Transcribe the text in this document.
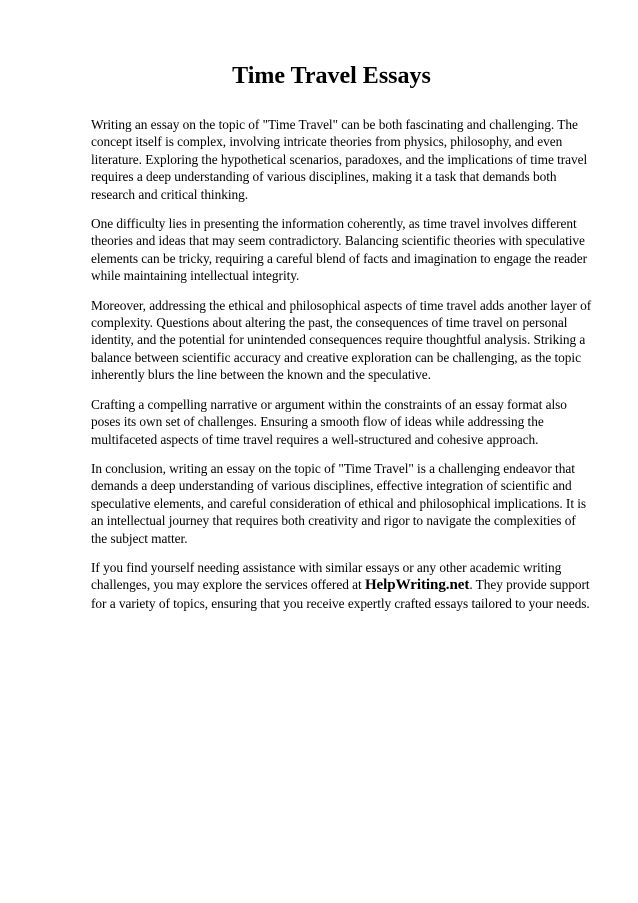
Time Travel Essays

Writing an essay on the topic of "Time Travel" can be both fascinating and challenging. The concept itself is complex, involving intricate theories from physics, philosophy, and even literature. Exploring the hypothetical scenarios, paradoxes, and the implications of time travel requires a deep understanding of various disciplines, making it a task that demands both research and critical thinking.

One difficulty lies in presenting the information coherently, as time travel involves different theories and ideas that may seem contradictory. Balancing scientific theories with speculative elements can be tricky, requiring a careful blend of facts and imagination to engage the reader while maintaining intellectual integrity.

Moreover, addressing the ethical and philosophical aspects of time travel adds another layer of complexity. Questions about altering the past, the consequences of time travel on personal identity, and the potential for unintended consequences require thoughtful analysis. Striking a balance between scientific accuracy and creative exploration can be challenging, as the topic inherently blurs the line between the known and the speculative.

Crafting a compelling narrative or argument within the constraints of an essay format also poses its own set of challenges. Ensuring a smooth flow of ideas while addressing the multifaceted aspects of time travel requires a well-structured and cohesive approach.

In conclusion, writing an essay on the topic of "Time Travel" is a challenging endeavor that demands a deep understanding of various disciplines, effective integration of scientific and speculative elements, and careful consideration of ethical and philosophical implications. It is an intellectual journey that requires both creativity and rigor to navigate the complexities of the subject matter.

If you find yourself needing assistance with similar essays or any other academic writing challenges, you may explore the services offered at HelpWriting.net. They provide support for a variety of topics, ensuring that you receive expertly crafted essays tailored to your needs.
